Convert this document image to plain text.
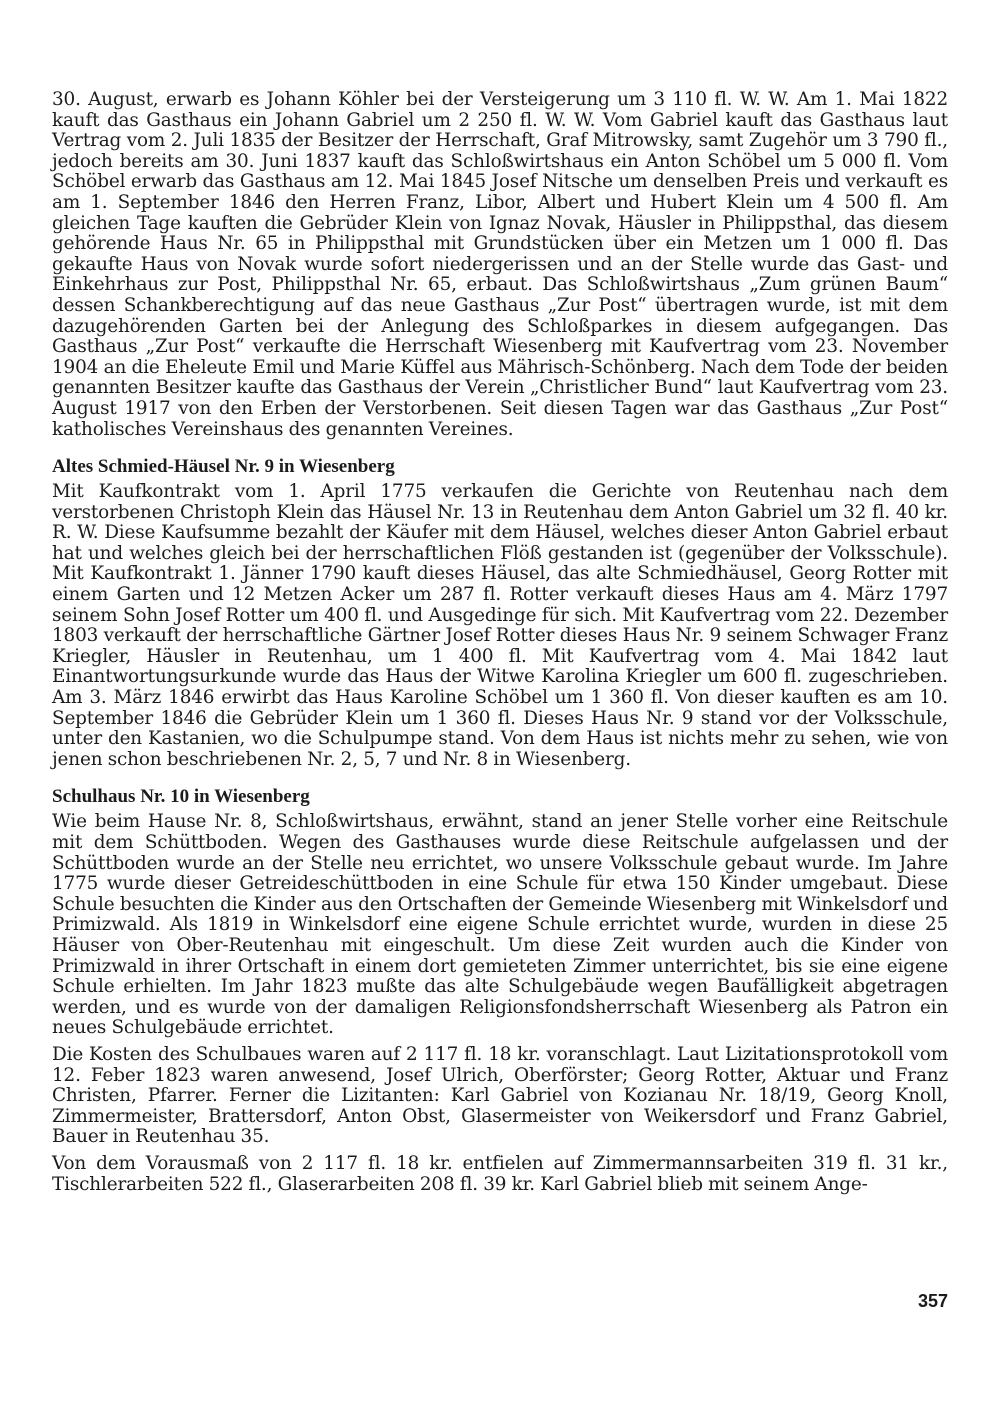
30. August, erwarb es Johann Köhler bei der Versteigerung um 3 110 fl. W. W. Am 1. Mai 1822 kauft das Gasthaus ein Johann Gabriel um 2 250 fl. W. W. Vom Gabriel kauft das Gasthaus laut Vertrag vom 2. Juli 1835 der Besitzer der Herrschaft, Graf Mitrowsky, samt Zugehör um 3 790 fl., jedoch bereits am 30. Juni 1837 kauft das Schloßwirtshaus ein Anton Schöbel um 5 000 fl. Vom Schöbel erwarb das Gasthaus am 12. Mai 1845 Josef Nitsche um denselben Preis und verkauft es am 1. September 1846 den Herren Franz, Libor, Albert und Hubert Klein um 4 500 fl. Am gleichen Tage kauften die Gebrüder Klein von Ignaz Novak, Häusler in Philippsthal, das diesem gehörende Haus Nr. 65 in Philippsthal mit Grundstücken über ein Metzen um 1 000 fl. Das gekaufte Haus von Novak wurde sofort niedergerissen und an der Stelle wurde das Gast- und Einkehrhaus zur Post, Philippsthal Nr. 65, erbaut. Das Schloßwirtshaus „Zum grünen Baum“ dessen Schankberechtigung auf das neue Gasthaus „Zur Post“ übertragen wurde, ist mit dem dazugehörenden Garten bei der Anlegung des Schloßparkes in diesem aufgegangen. Das Gasthaus „Zur Post“ verkaufte die Herrschaft Wiesenberg mit Kaufvertrag vom 23. November 1904 an die Eheleute Emil und Marie Küffel aus Mährisch-Schönberg. Nach dem Tode der beiden genannten Besitzer kaufte das Gasthaus der Verein „Christlicher Bund“ laut Kaufvertrag vom 23. August 1917 von den Erben der Verstorbenen. Seit diesen Tagen war das Gasthaus „Zur Post“ katholisches Vereinshaus des genannten Vereines.

Altes Schmied-Häusel Nr. 9 in Wiesenberg

Mit Kaufkontrakt vom 1. April 1775 verkaufen die Gerichte von Reutenhau nach dem verstorbenen Christoph Klein das Häusel Nr. 13 in Reutenhau dem Anton Gabriel um 32 fl. 40 kr. R. W. Diese Kaufsumme bezahlt der Käufer mit dem Häusel, welches dieser Anton Gabriel erbaut hat und welches gleich bei der herrschaftlichen Flöß gestanden ist (gegenüber der Volksschule). Mit Kaufkontrakt 1. Jänner 1790 kauft dieses Häusel, das alte Schmiedhäusel, Georg Rotter mit einem Garten und 12 Metzen Acker um 287 fl. Rotter verkauft dieses Haus am 4. März 1797 seinem Sohn Josef Rotter um 400 fl. und Ausgedinge für sich. Mit Kaufvertrag vom 22. Dezember 1803 verkauft der herrschaftliche Gärtner Josef Rotter dieses Haus Nr. 9 seinem Schwager Franz Kriegler, Häusler in Reutenhau, um 1 400 fl. Mit Kaufvertrag vom 4. Mai 1842 laut Einantwortungsurkunde wurde das Haus der Witwe Karolina Kriegler um 600 fl. zugeschrieben. Am 3. März 1846 erwirbt das Haus Karoline Schöbel um 1 360 fl. Von dieser kauften es am 10. September 1846 die Gebrüder Klein um 1 360 fl. Dieses Haus Nr. 9 stand vor der Volksschule, unter den Kastanien, wo die Schulpumpe stand. Von dem Haus ist nichts mehr zu sehen, wie von jenen schon beschriebenen Nr. 2, 5, 7 und Nr. 8 in Wiesenberg.

Schulhaus Nr. 10 in Wiesenberg

Wie beim Hause Nr. 8, Schloßwirtshaus, erwähnt, stand an jener Stelle vorher eine Reitschule mit dem Schüttboden. Wegen des Gasthauses wurde diese Reitschule aufgelassen und der Schüttboden wurde an der Stelle neu errichtet, wo unsere Volksschule gebaut wurde. Im Jahre 1775 wurde dieser Getreideschüttboden in eine Schule für etwa 150 Kinder umgebaut. Diese Schule besuchten die Kinder aus den Ortschaften der Gemeinde Wiesenberg mit Winkelsdorf und Primizwald. Als 1819 in Winkelsdorf eine eigene Schule errichtet wurde, wurden in diese 25 Häuser von Ober-Reutenhau mit eingeschult. Um diese Zeit wurden auch die Kinder von Primizwald in ihrer Ortschaft in einem dort gemieteten Zimmer unterrichtet, bis sie eine eigene Schule erhielten. Im Jahr 1823 mußte das alte Schulgebäude wegen Baufälligkeit abgetragen werden, und es wurde von der damaligen Religionsfondsherrschaft Wiesenberg als Patron ein neues Schulgebäude errichtet.

Die Kosten des Schulbaues waren auf 2 117 fl. 18 kr. voranschlagt. Laut Lizitationsprotokoll vom 12. Feber 1823 waren anwesend, Josef Ulrich, Oberförster; Georg Rotter, Aktuar und Franz Christen, Pfarrer. Ferner die Lizitanten: Karl Gabriel von Kozianau Nr. 18/19, Georg Knoll, Zimmermeister, Brattersdorf, Anton Obst, Glasermeister von Weikersdorf und Franz Gabriel, Bauer in Reutenhau 35.

Von dem Vorausmaß von 2 117 fl. 18 kr. entfielen auf Zimmermannsarbeiten 319 fl. 31 kr., Tischlerarbeiten 522 fl., Glaserarbeiten 208 fl. 39 kr. Karl Gabriel blieb mit seinem Ange-

357
